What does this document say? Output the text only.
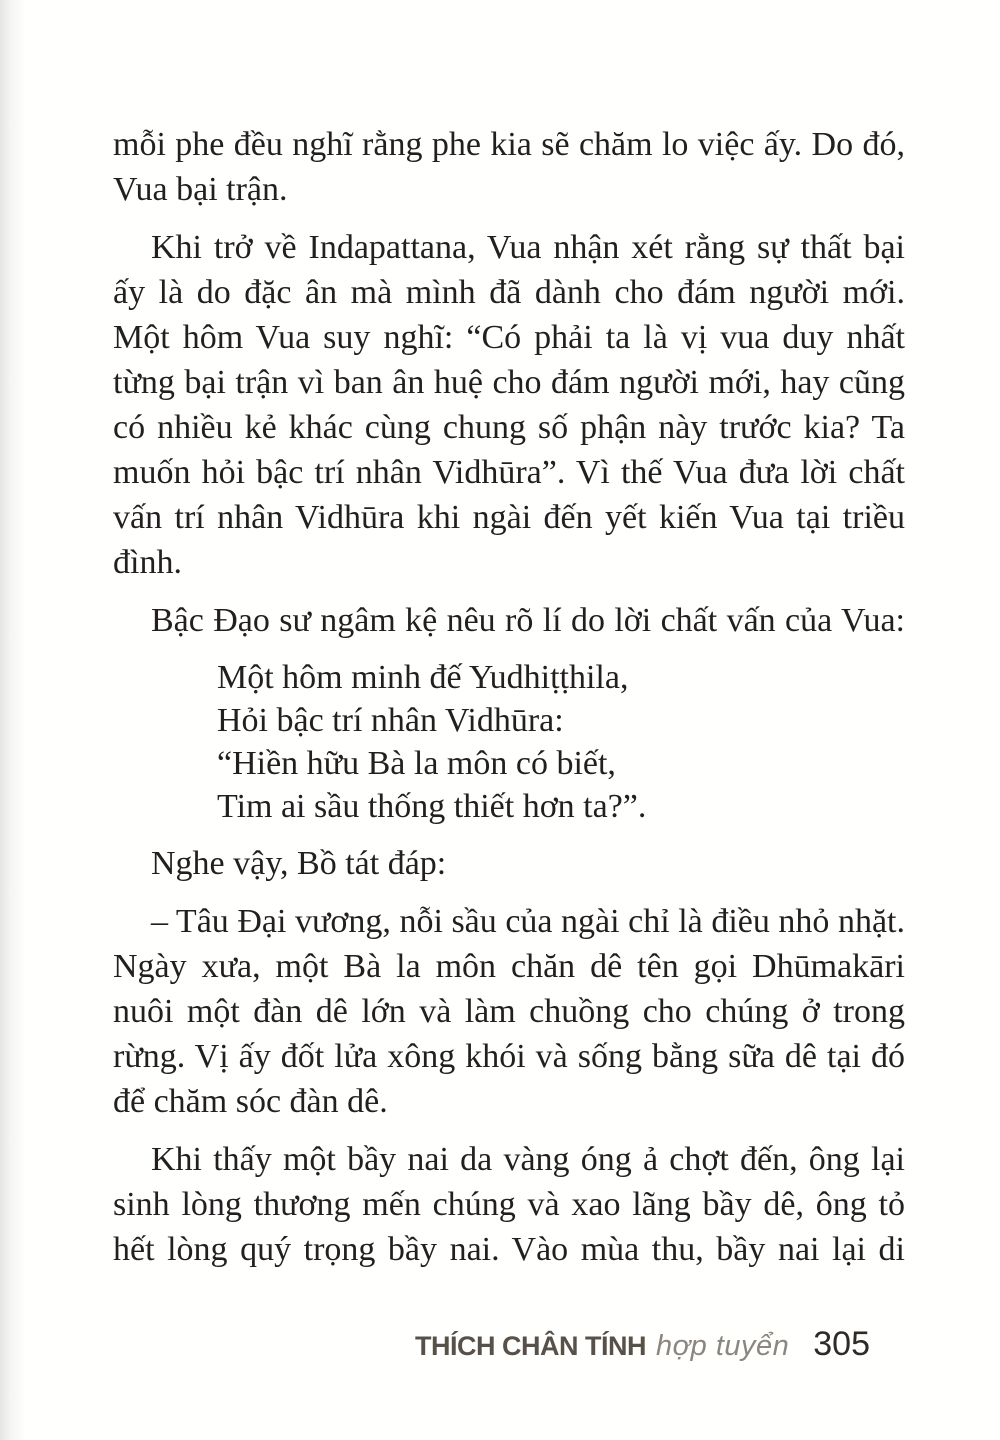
mỗi phe đều nghĩ rằng phe kia sẽ chăm lo việc ấy. Do đó,
Vua bại trận.
Khi trở về Indapattana, Vua nhận xét rằng sự thất bại
ấy là do đặc ân mà mình đã dành cho đám người mới.
Một hôm Vua suy nghĩ: “Có phải ta là vị vua duy nhất
từng bại trận vì ban ân huệ cho đám người mới, hay cũng
có nhiều kẻ khác cùng chung số phận này trước kia? Ta
muốn hỏi bậc trí nhân Vidhūra”. Vì thế Vua đưa lời chất
vấn trí nhân Vidhūra khi ngài đến yết kiến Vua tại triều
đình.
Bậc Đạo sư ngâm kệ nêu rõ lí do lời chất vấn của Vua:
Một hôm minh đế Yudhiṭṭhila,
Hỏi bậc trí nhân Vidhūra:
“Hiền hữu Bà la môn có biết,
Tim ai sầu thống thiết hơn ta?”.
Nghe vậy, Bồ tát đáp:
– Tâu Đại vương, nỗi sầu của ngài chỉ là điều nhỏ nhặt.
Ngày xưa, một Bà la môn chăn dê tên gọi Dhūmakāri
nuôi một đàn dê lớn và làm chuồng cho chúng ở trong
rừng. Vị ấy đốt lửa xông khói và sống bằng sữa dê tại đó
để chăm sóc đàn dê.
Khi thấy một bầy nai da vàng óng ả chợt đến, ông lại
sinh lòng thương mến chúng và xao lãng bầy dê, ông tỏ
hết lòng quý trọng bầy nai. Vào mùa thu, bầy nai lại di
THÍCH CHÂN TÍNH hợp tuyển 305
